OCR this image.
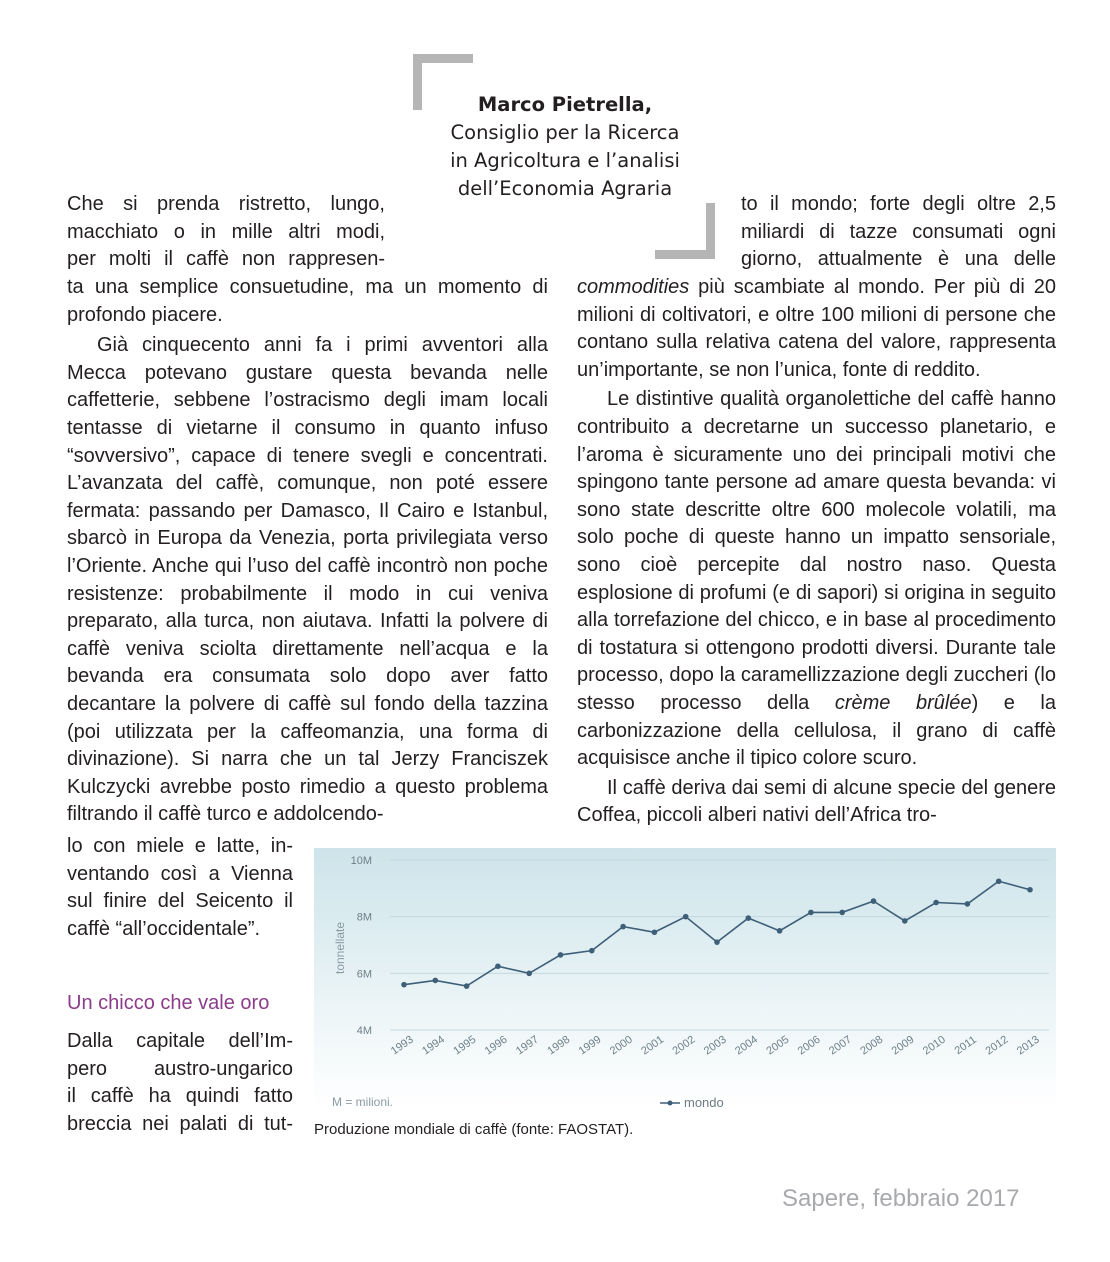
Marco Pietrella,
Consiglio per la Ricerca
in Agricoltura e l’analisi
dell’Economia Agraria
Che si prenda ristretto, lungo,
macchiato o in mille altri modi,
per molti il caffè non rappresen-
ta una semplice consuetudine, ma un momento di profondo piacere.
Già cinquecento anni fa i primi avventori alla Mecca potevano gustare questa bevanda nelle caffetterie, sebbene l’ostracismo degli imam locali tentasse di vietarne il consumo in quanto infuso “sovversivo”, capace di tenere svegli e concentrati. L’avanzata del caffè, comunque, non poté essere fermata: passando per Damasco, Il Cairo e Istanbul, sbarcò in Europa da Venezia, porta privilegiata verso l’Oriente. Anche qui l’uso del caffè incontrò non poche resistenze: probabilmente il modo in cui veniva preparato, alla turca, non aiutava. Infatti la polvere di caffè veniva sciolta direttamente nell’acqua e la bevanda era consumata solo dopo aver fatto decantare la polvere di caffè sul fondo della tazzina (poi utilizzata per la caffeomanzia, una forma di divinazione). Si narra che un tal Jerzy Franciszek Kulczycki avrebbe posto rimedio a questo problema filtrando il caffè turco e addolcendo-
lo con miele e latte, in-
ventando così a Vienna
sul finire del Seicento il
caffè “all’occidentale”.
Un chicco che vale oro
Dalla capitale dell’Im-
pero austro-ungarico
il caffè ha quindi fatto
breccia nei palati di tut-
to il mondo; forte degli oltre 2,5
miliardi di tazze consumati ogni
giorno, attualmente è una delle
commodities più scambiate al mondo. Per più di 20 milioni di coltivatori, e oltre 100 milioni di persone che contano sulla relativa catena del valore, rappresenta un’importante, se non l’unica, fonte di reddito.
Le distintive qualità organolettiche del caffè hanno contribuito a decretarne un successo planetario, e l’aroma è sicuramente uno dei principali motivi che spingono tante persone ad amare questa bevanda: vi sono state descritte oltre 600 molecole volatili, ma solo poche di queste hanno un impatto sensoriale, sono cioè percepite dal nostro naso. Questa esplosione di profumi (e di sapori) si origina in seguito alla torrefazione del chicco, e in base al procedimento di tostatura si ottengono prodotti diversi. Durante tale processo, dopo la caramellizzazione degli zuccheri (lo stesso processo della crème brûlée) e la carbonizzazione della cellulosa, il grano di caffè acquisisce anche il tipico colore scuro.
Il caffè deriva dai semi di alcune specie del genere Coffea, piccoli alberi nativi dell’Africa tro-
4M
6M
8M
10M
1993 1994 1995 1996 1997 1998 1999 2000 2001 2002 2003 2004 2005 2006 2007 2008 2009 2010 2011 2012 2013
tonnellate
M = milioni.	mondo
Produzione mondiale di caffè (fonte: FAOSTAT).
Sapere, febbraio 2017
